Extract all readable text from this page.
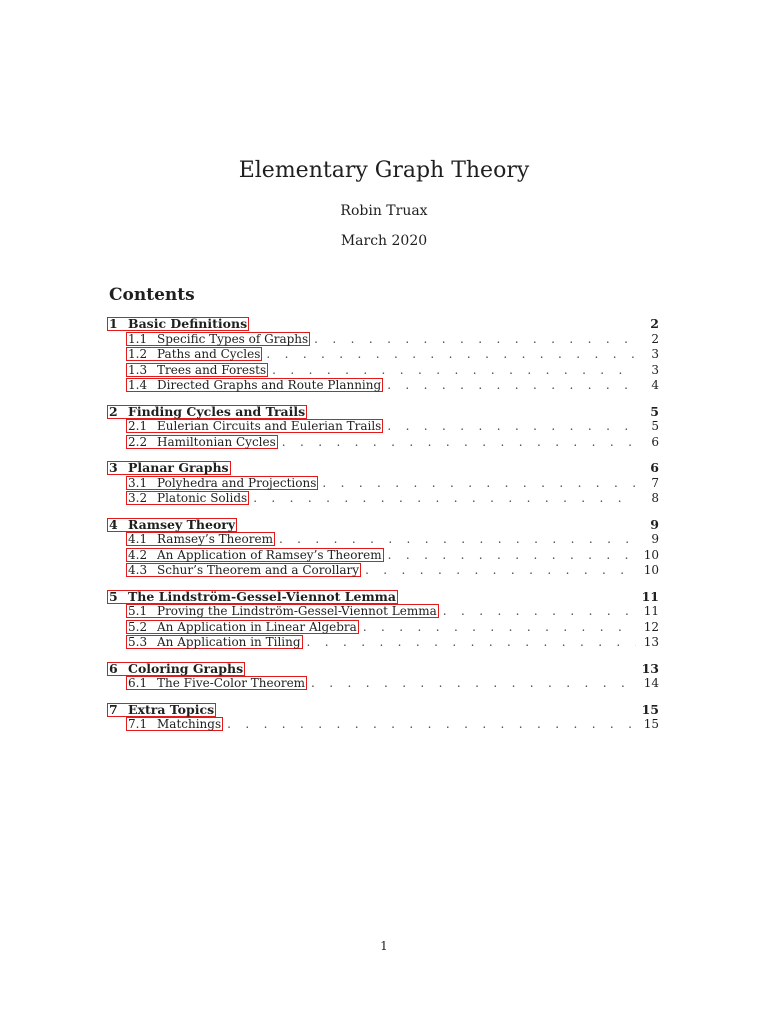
Elementary Graph Theory
Robin Truax
March 2020
Contents
1 Basic Definitions	2
1.1 Specific Types of Graphs . . .	2
1.2 Paths and Cycles . . .	3
1.3 Trees and Forests . . .	3
1.4 Directed Graphs and Route Planning . . .	4
2 Finding Cycles and Trails	5
2.1 Eulerian Circuits and Eulerian Trails . . .	5
2.2 Hamiltonian Cycles . . .	6
3 Planar Graphs	6
3.1 Polyhedra and Projections . . .	7
3.2 Platonic Solids . . .	8
4 Ramsey Theory	9
4.1 Ramsey’s Theorem . . .	9
4.2 An Application of Ramsey’s Theorem . . .	10
4.3 Schur’s Theorem and a Corollary . . .	10
5 The Lindström-Gessel-Viennot Lemma	11
5.1 Proving the Lindström-Gessel-Viennot Lemma . . .	11
5.2 An Application in Linear Algebra . . .	12
5.3 An Application in Tiling . . .	13
6 Coloring Graphs	13
6.1 The Five-Color Theorem . . .	14
7 Extra Topics	15
7.1 Matchings . . .	15
1
